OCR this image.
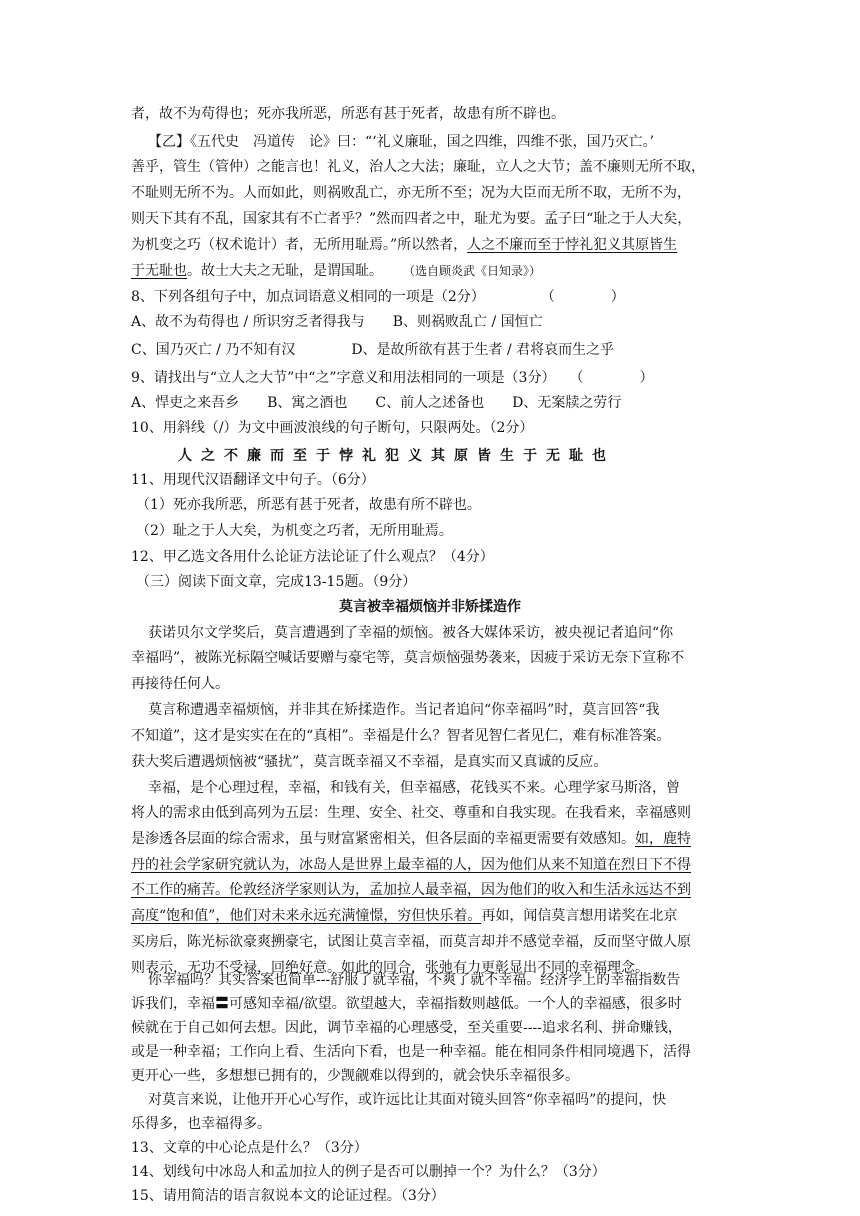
者，故不为苟得也；死亦我所恶，所恶有甚于死者，故患有所不辟也。
【乙】《五代史　冯道传　论》曰：“‘礼义廉耻，国之四维，四维不张，国乃灭亡。’
善乎，管生（管仲）之能言也！礼义，治人之大法；廉耻，立人之大节；盖不廉则无所不取，
不耻则无所不为。人而如此，则祸败乱亡，亦无所不至；况为大臣而无所不取，无所不为，
则天下其有不乱，国家其有不亡者乎？”然而四者之中，耻尤为要。孟子曰“耻之于人大矣，
为机变之巧（权术诡计）者，无所用耻焉。”所以然者，人之不廉而至于悖礼犯义其原皆生
于无耻也。故士大夫之无耻，是谓国耻。 （选自顾炎武《日知录》）
8、下列各组句子中，加点词语意义相同的一项是（2分）　　　　　（　　　　）
A、故不为苟得也 / 所识穷乏者得我与　　B、则祸败乱亡 / 国恒亡
C、国乃灭亡 / 乃不知有汉　　　　D、是故所欲有甚于生者 / 君将哀而生之乎
9、请找出与“立人之大节”中“之”字意义和用法相同的一项是（3分）　　（　　　　）
A、悍吏之来吾乡　　B、寓之酒也　　C、前人之述备也　　D、无案牍之劳行
10、用斜线（/）为文中画波浪线的句子断句，只限两处。（2分）
人之不廉而至于悖礼犯义其原皆生于无耻也
11、用现代汉语翻译文中句子。（6分）
（1）死亦我所恶，所恶有甚于死者，故患有所不辟也。
（2）耻之于人大矣，为机变之巧者，无所用耻焉。
12、甲乙选文各用什么论证方法论证了什么观点？（4分）
（三）阅读下面文章，完成13-15题。（9分）
莫言被幸福烦恼并非矫揉造作
获诺贝尔文学奖后，莫言遭遇到了幸福的烦恼。被各大媒体采访，被央视记者追问“你
幸福吗”，被陈光标隔空喊话要赠与豪宅等，莫言烦恼强势袭来，因疲于采访无奈下宣称不
再接待任何人。
莫言称遭遇幸福烦恼，并非其在矫揉造作。当记者追问“你幸福吗”时，莫言回答“我
不知道”，这才是实实在在的“真相”。幸福是什么？智者见智仁者见仁，难有标准答案。
获大奖后遭遇烦恼被“骚扰”，莫言既幸福又不幸福，是真实而又真诚的反应。
幸福，是个心理过程，幸福，和钱有关，但幸福感，花钱买不来。心理学家马斯洛，曾
将人的需求由低到高列为五层：生理、安全、社交、尊重和自我实现。在我看来，幸福感则
是渗透各层面的综合需求，虽与财富紧密相关，但各层面的幸福更需要有效感知。如，鹿特
丹的社会学家研究就认为，冰岛人是世界上最幸福的人，因为他们从来不知道在烈日下不得
不工作的痛苦。伦敦经济学家则认为，孟加拉人最幸福，因为他们的收入和生活永远达不到
高度“饱和值”，他们对未来永远充满憧憬，穷但快乐着。再如，闻信莫言想用诺奖在北京
买房后，陈光标欲豪爽搠豪宅，试图让莫言幸福，而莫言却并不感觉幸福，反而坚守做人原
则表示，无功不受禄，回绝好意。如此的回合，张弛有力更彰显出不同的幸福理念。
你幸福吗？其实答案也简单---舒服了就幸福，不爽了就不幸福。经济学上的幸福指数告
诉我们，幸福〓可感知幸福/欲望。欲望越大，幸福指数则越低。一个人的幸福感，很多时
候就在于自己如何去想。因此，调节幸福的心理感受，至关重要----追求名利、拼命赚钱，
或是一种幸福；工作向上看、生活向下看，也是一种幸福。能在相同条件相同境遇下，活得
更开心一些，多想想已拥有的，少觊觎难以得到的，就会快乐幸福很多。
对莫言来说，让他开开心心写作，或许远比让其面对镜头回答“你幸福吗”的提问，快
乐得多，也幸福得多。
13、文章的中心论点是什么？（3分）
14、划线句中冰岛人和孟加拉人的例子是否可以删掉一个？为什么？（3分）
15、请用简洁的语言叙说本文的论证过程。（3分）
